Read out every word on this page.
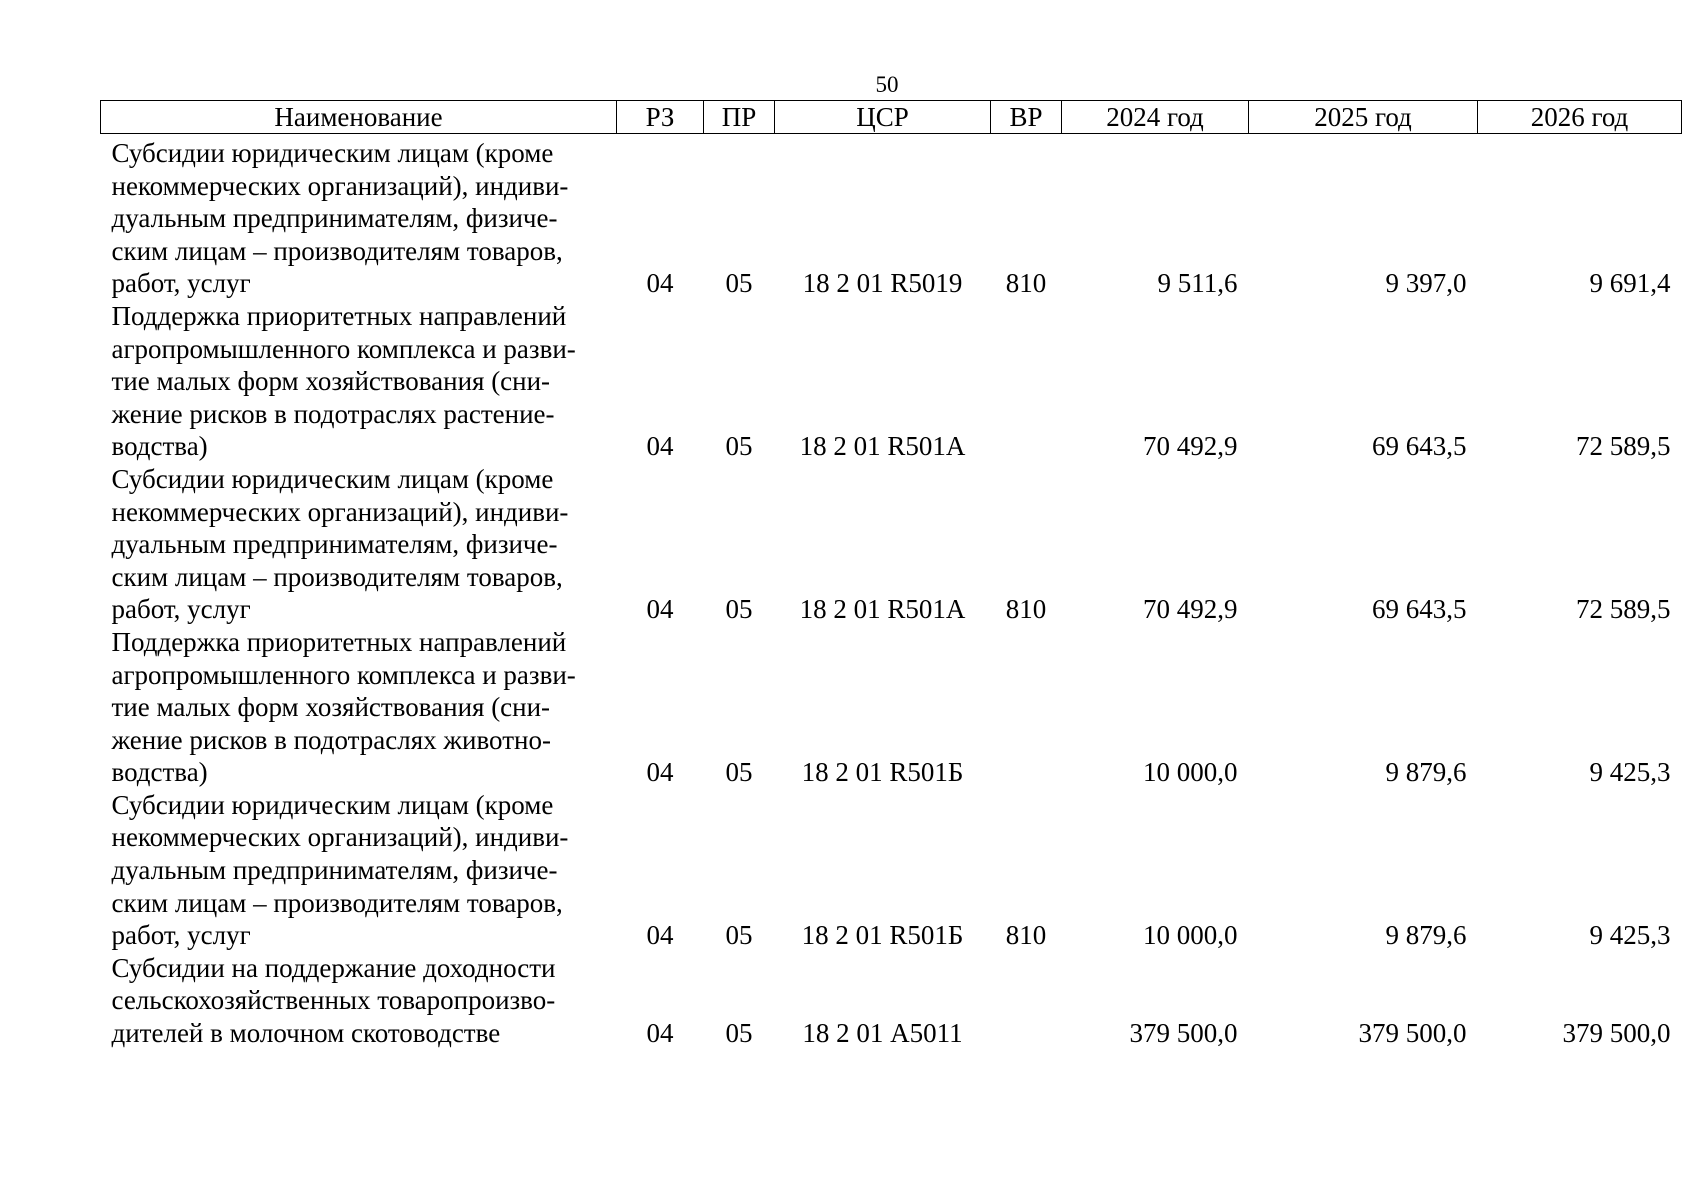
50
Наименование	РЗ	ПР	ЦСР	ВР	2024 год	2025 год	2026 год

Субсидии юридическим лицам (кроме
некоммерческих организаций), индиви-
дуальным предпринимателям, физиче-
ским лицам – производителям товаров,
работ, услуг	04	05	18 2 01 R5019	810	9 511,6	9 397,0	9 691,4

Поддержка приоритетных направлений
агропромышленного комплекса и разви-
тие малых форм хозяйствования (сни-
жение рисков в подотраслях растение-
водства)	04	05	18 2 01 R501А		70 492,9	69 643,5	72 589,5

Субсидии юридическим лицам (кроме
некоммерческих организаций), индиви-
дуальным предпринимателям, физиче-
ским лицам – производителям товаров,
работ, услуг	04	05	18 2 01 R501А	810	70 492,9	69 643,5	72 589,5

Поддержка приоритетных направлений
агропромышленного комплекса и разви-
тие малых форм хозяйствования (сни-
жение рисков в подотраслях животно-
водства)	04	05	18 2 01 R501Б		10 000,0	9 879,6	9 425,3

Субсидии юридическим лицам (кроме
некоммерческих организаций), индиви-
дуальным предпринимателям, физиче-
ским лицам – производителям товаров,
работ, услуг	04	05	18 2 01 R501Б	810	10 000,0	9 879,6	9 425,3

Субсидии на поддержание доходности
сельскохозяйственных товаропроизво-
дителей в молочном скотоводстве	04	05	18 2 01 А5011		379 500,0	379 500,0	379 500,0
